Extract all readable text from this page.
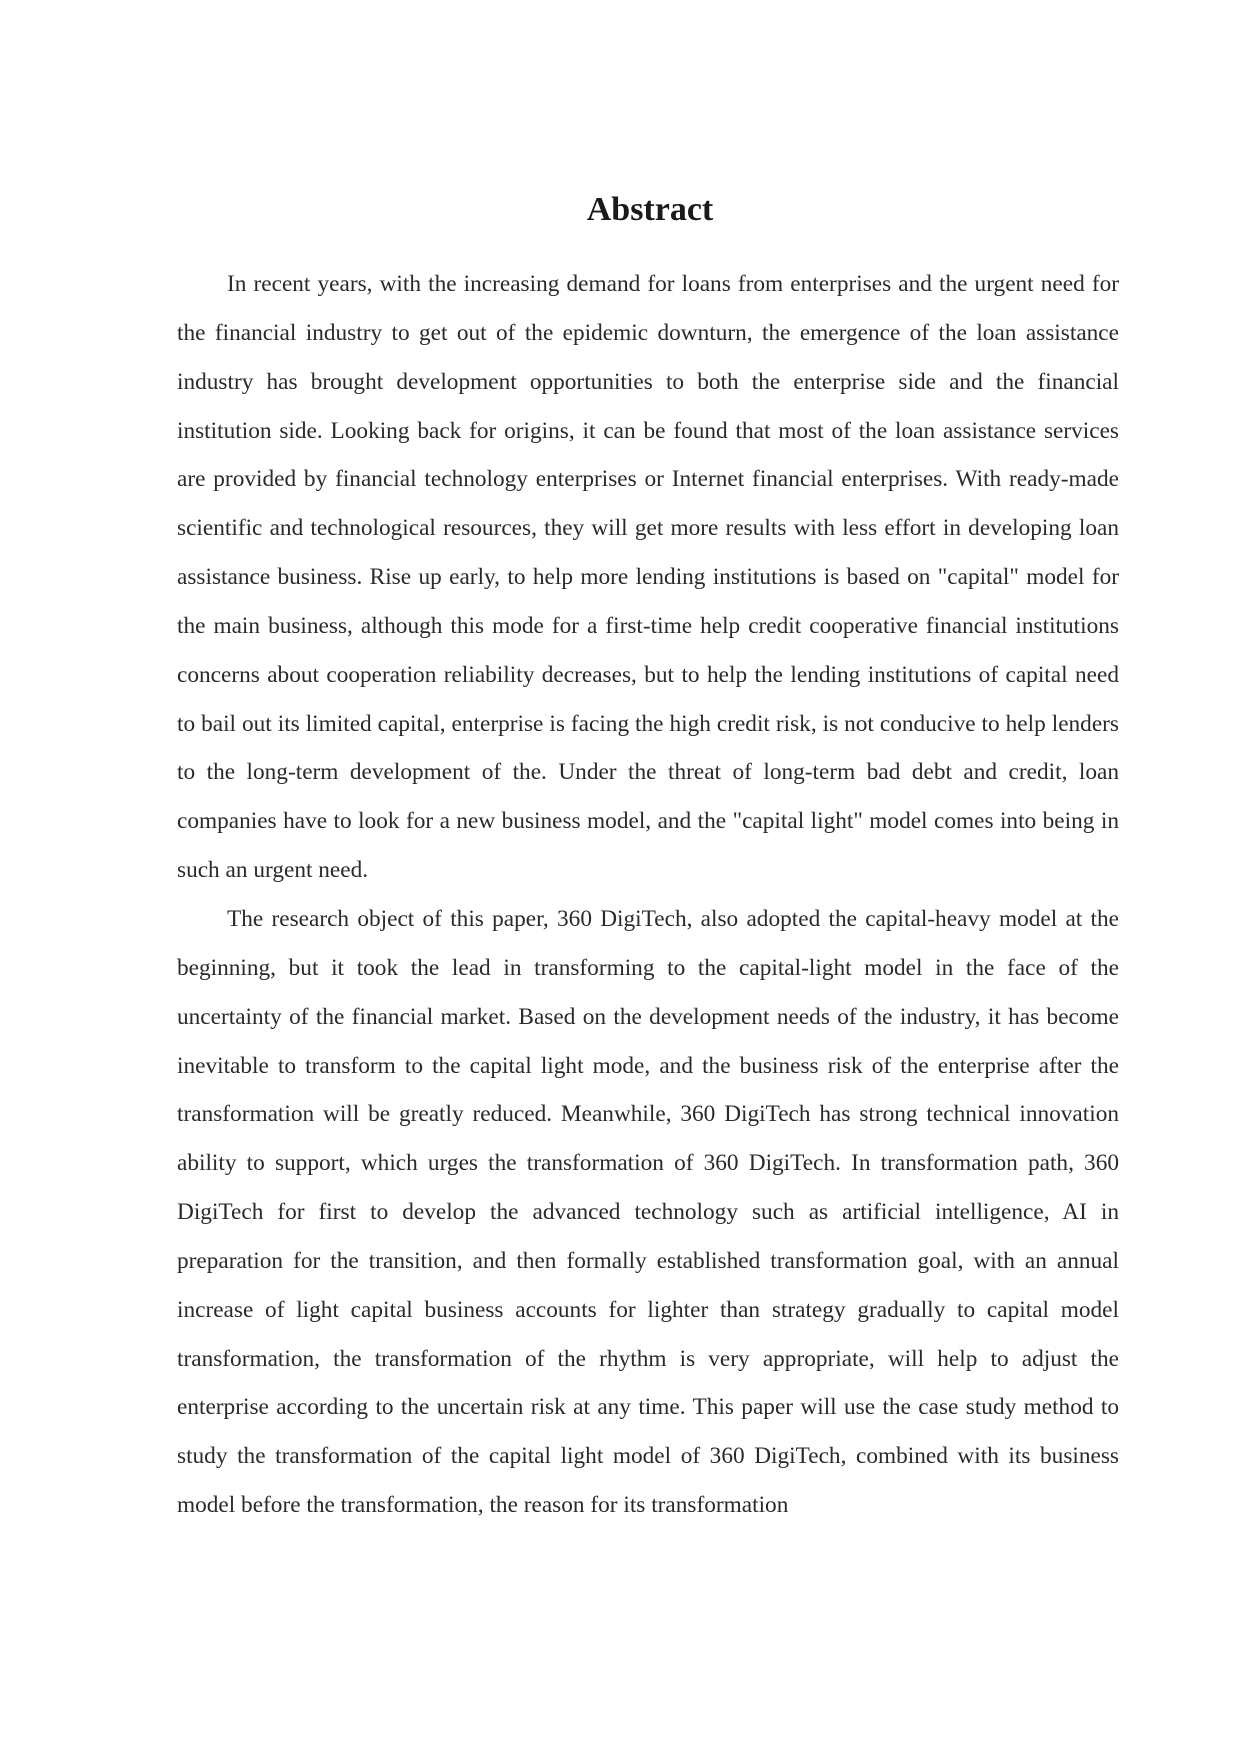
Abstract

In recent years, with the increasing demand for loans from enterprises and the urgent need for the financial industry to get out of the epidemic downturn, the emergence of the loan assistance industry has brought development opportunities to both the enterprise side and the financial institution side. Looking back for origins, it can be found that most of the loan assistance services are provided by financial technology enterprises or Internet financial enterprises. With ready-made scientific and technological resources, they will get more results with less effort in developing loan assistance business. Rise up early, to help more lending institutions is based on "capital" model for the main business, although this mode for a first-time help credit cooperative financial institutions concerns about cooperation reliability decreases, but to help the lending institutions of capital need to bail out its limited capital, enterprise is facing the high credit risk, is not conducive to help lenders to the long-term development of the. Under the threat of long-term bad debt and credit, loan companies have to look for a new business model, and the "capital light" model comes into being in such an urgent need.

The research object of this paper, 360 DigiTech, also adopted the capital-heavy model at the beginning, but it took the lead in transforming to the capital-light model in the face of the uncertainty of the financial market. Based on the development needs of the industry, it has become inevitable to transform to the capital light mode, and the business risk of the enterprise after the transformation will be greatly reduced. Meanwhile, 360 DigiTech has strong technical innovation ability to support, which urges the transformation of 360 DigiTech. In transformation path, 360 DigiTech for first to develop the advanced technology such as artificial intelligence, AI in preparation for the transition, and then formally established transformation goal, with an annual increase of light capital business accounts for lighter than strategy gradually to capital model transformation, the transformation of the rhythm is very appropriate, will help to adjust the enterprise according to the uncertain risk at any time. This paper will use the case study method to study the transformation of the capital light model of 360 DigiTech, combined with its business model before the transformation, the reason for its transformation
